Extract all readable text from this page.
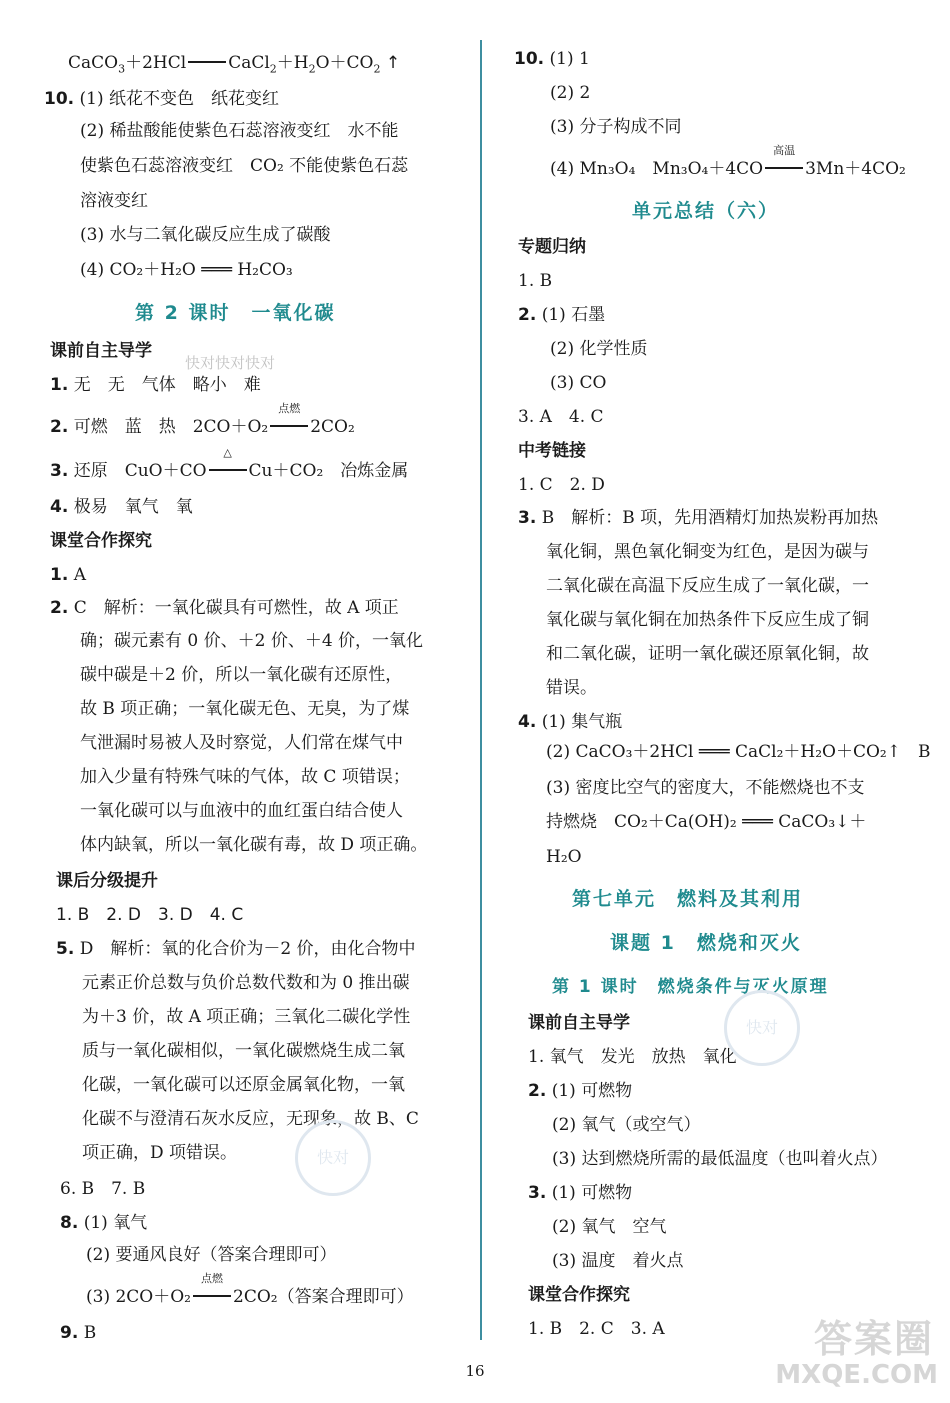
CaCO$_3$＋2HCl $CaCl_2+H_2O+CO_2$ ↑
10. (1) 纸花不变色　纸花变红
(2) 稀盐酸能使紫色石蕊溶液变红　水不能
使紫色石蕊溶液变红　CO₂ 不能使紫色石蕊
溶液变红
(3) 水与二氧化碳反应生成了碳酸
(4) CO₂＋H₂O ═══ H₂CO₃
第 2 课时　一氧化碳
课前自主导学
快对快对快对
1. 无　无　气体　略小　难
2. 可燃　蓝　热　2CO＋O₂
点燃
2CO₂
3. 还原　CuO＋CO
△
Cu＋CO₂　冶炼金属
4. 极易　氧气　氧
课堂合作探究
1. A
2. C　解析：一氧化碳具有可燃性，故 A 项正
确；碳元素有 0 价、＋2 价、＋4 价，一氧化
碳中碳是＋2 价，所以一氧化碳有还原性，
故 B 项正确；一氧化碳无色、无臭，为了煤
气泄漏时易被人及时察觉，人们常在煤气中
加入少量有特殊气味的气体，故 C 项错误；
一氧化碳可以与血液中的血红蛋白结合使人
体内缺氧，所以一氧化碳有毒，故 D 项正确。
课后分级提升
1. B　2. D　3. D　4. C
5. D　解析：氧的化合价为－2 价，由化合物中
元素正价总数与负价总数代数和为 0 推出碳
为＋3 价，故 A 项正确；三氧化二碳化学性
质与一氧化碳相似，一氧化碳燃烧生成二氧
化碳，一氧化碳可以还原金属氧化物，一氧
化碳不与澄清石灰水反应，无现象，故 B、C
项正确，D 项错误。
6. B　7. B
8. (1) 氧气
(2) 要通风良好（答案合理即可）
(3) 2CO＋O₂
点燃
2CO₂（答案合理即可）
9. B
快对
10. (1) 1
(2) 2
(3) 分子构成不同
(4) Mn₃O₄　Mn₃O₄＋4CO
高温
3Mn＋4CO₂
单元总结（六）
专题归纳
1. B
2. (1) 石墨
(2) 化学性质
(3) CO
3. A　4. C
中考链接
1. C　2. D
3. B　解析：B 项，先用酒精灯加热炭粉再加热
氧化铜，黑色氧化铜变为红色，是因为碳与
二氧化碳在高温下反应生成了一氧化碳，一
氧化碳与氧化铜在加热条件下反应生成了铜
和二氧化碳，证明一氧化碳还原氧化铜，故
错误。
4. (1) 集气瓶
(2) CaCO₃＋2HCl ═══ CaCl₂＋H₂O＋CO₂↑　B
(3) 密度比空气的密度大，不能燃烧也不支
持燃烧　CO₂＋Ca(OH)₂ ═══ CaCO₃↓＋
H₂O
第七单元　燃料及其利用
课题 1　燃烧和灭火
第 1 课时　燃烧条件与灭火原理
课前自主导学
1. 氧气　发光　放热　氧化
2. (1) 可燃物
(2) 氧气（或空气）
(3) 达到燃烧所需的最低温度（也叫着火点）
3. (1) 可燃物
(2) 氧气　空气
(3) 温度　着火点
课堂合作探究
1. B　2. C　3. A
快对
16
答案圈
MXQE.COM
